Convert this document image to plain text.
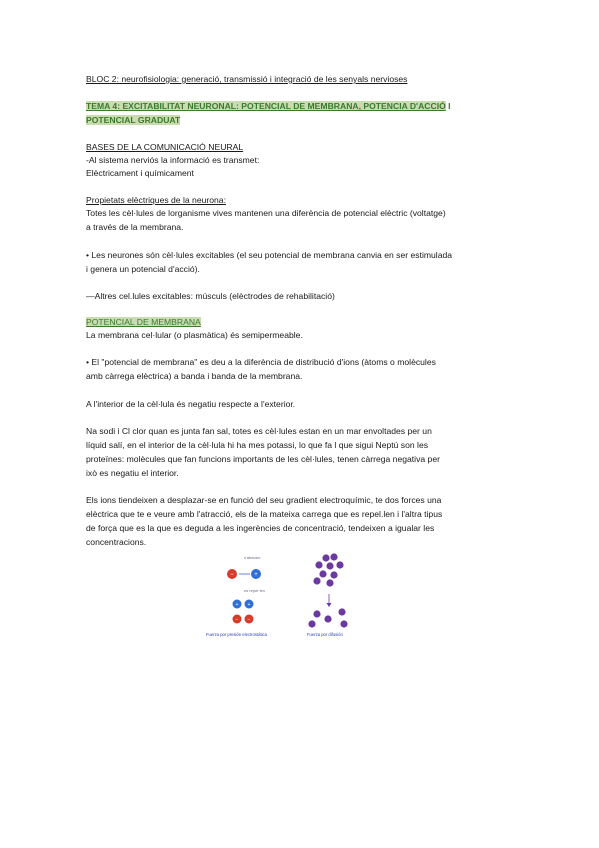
BLOC 2: neurofisiologia: generació, transmissió i integració de les senyals nervioses

TEMA 4: EXCITABILITAT NEURONAL: POTENCIAL DE MEMBRANA, POTENCIA D'ACCIÓ I
POTENCIAL GRADUAT

BASES DE LA COMUNICACIÓ NEURAL

-Al sistema nerviós la informació es transmet:

Elèctricament i químicament

Propietats elèctriques de la neurona:

Totes les cèl·lules de lorganisme vives mantenen una diferència de potencial elèctric (voltatge)

a través de la membrana.

• Les neurones són cèl·lules excitables (el seu potencial de membrana canvia en ser estimulada

i genera un potencial d'acció).

—Altres cel.lules excitables: músculs (elèctrodes de rehabilitació)

POTENCIAL DE MEMBRANA

La membrana cel·lular (o plasmàtica) és semipermeable.

• El "potencial de membrana" es deu a la diferència de distribució d'ions (àtoms o molècules

amb càrrega elèctrica) a banda i banda de la membrana.

A l'interior de la cèl·lula és negatiu respecte a l'exterior.

Na sodi i Cl clor quan es junta fan sal, totes es cèl·lules estan en un mar envoltades per un

líquid salí, en el interior de la cèl·lula hi ha mes potassi, lo que fa l que sigui Neptú son les

proteïnes: molècules que fan funcions importants de les cèl·lules, tenen càrrega negativa per

ixò es negatiu el interior.

Els ions tiendeixen a desplazar-se en funció del seu gradient electroquímic, te dos forces una

elèctrica que te e veure amb l'atracció, els de la mateixa carrega que es repel.len i l'altra tipus

de força que es la que es deguda a les ingerències de concentració, tendeixen a igualar les

concentracions.

s'atrauen
−	+
es repel·len
+ +
− −
Fuerza por presión electrostática	Fuerza por difusión
